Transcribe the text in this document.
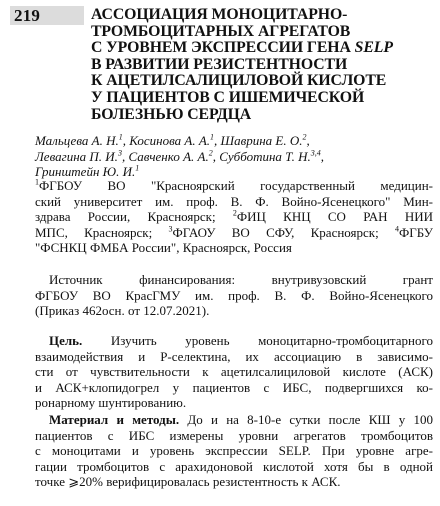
219	АССОЦИАЦИЯ МОНОЦИТАРНО-
ТРОМБОЦИТАРНЫХ АГРЕГАТОВ
С УРОВНЕМ ЭКСПРЕССИИ ГЕНА SELP
В РАЗВИТИИ РЕЗИСТЕНТНОСТИ
К АЦЕТИЛСАЛИЦИЛОВОЙ КИСЛОТЕ
У ПАЦИЕНТОВ С ИШЕМИЧЕСКОЙ
БОЛЕЗНЬЮ СЕРДЦА
Мальцева А. Н.$^1$, Косинова А. А.$^1$, Шаврина Е. О.$^2$,
Левагина П. И.$^3$, Савченко А. А.$^2$, Субботина Т. Н.$^{3,4}$,
Гринштейн Ю. И.$^1$
$^1$ФГБОУ ВО "Красноярский государственный медицин-
ский университет им. проф. В. Ф. Войно-Ясенецкого" Мин-
здрава России, Красноярск; $^2$ФИЦ КНЦ СО РАН НИИ
МПС, Красноярск; $^3$ФГАОУ ВО СФУ, Красноярск; $^4$ФГБУ
"ФСНКЦ ФМБА России", Красноярск, Россия
Источник финансирования: внутривузовский грант
ФГБОУ ВО КрасГМУ им. проф. В. Ф. Войно-Ясенецкого
(Приказ 462осн. от 12.07.2021).
Цель. Изучить уровень моноцитарно-тромбоцитарного
взаимодействия и Р-селектина, их ассоциацию в зависимо-
сти от чувствительности к ацетилсалициловой кислоте (АСК)
и АСК+клопидогрел у пациентов с ИБС, подвергшихся ко-
ронарному шунтированию.
Материал и методы. До и на 8-10-е сутки после КШ у 100
пациентов с ИБС измерены уровни агрегатов тромбоцитов
с моноцитами и уровень экспрессии SELP. При уровне агре-
гации тромбоцитов с арахидоновой кислотой хотя бы в одной
точке ⩾20% верифицировалась резистентность к АСК.
